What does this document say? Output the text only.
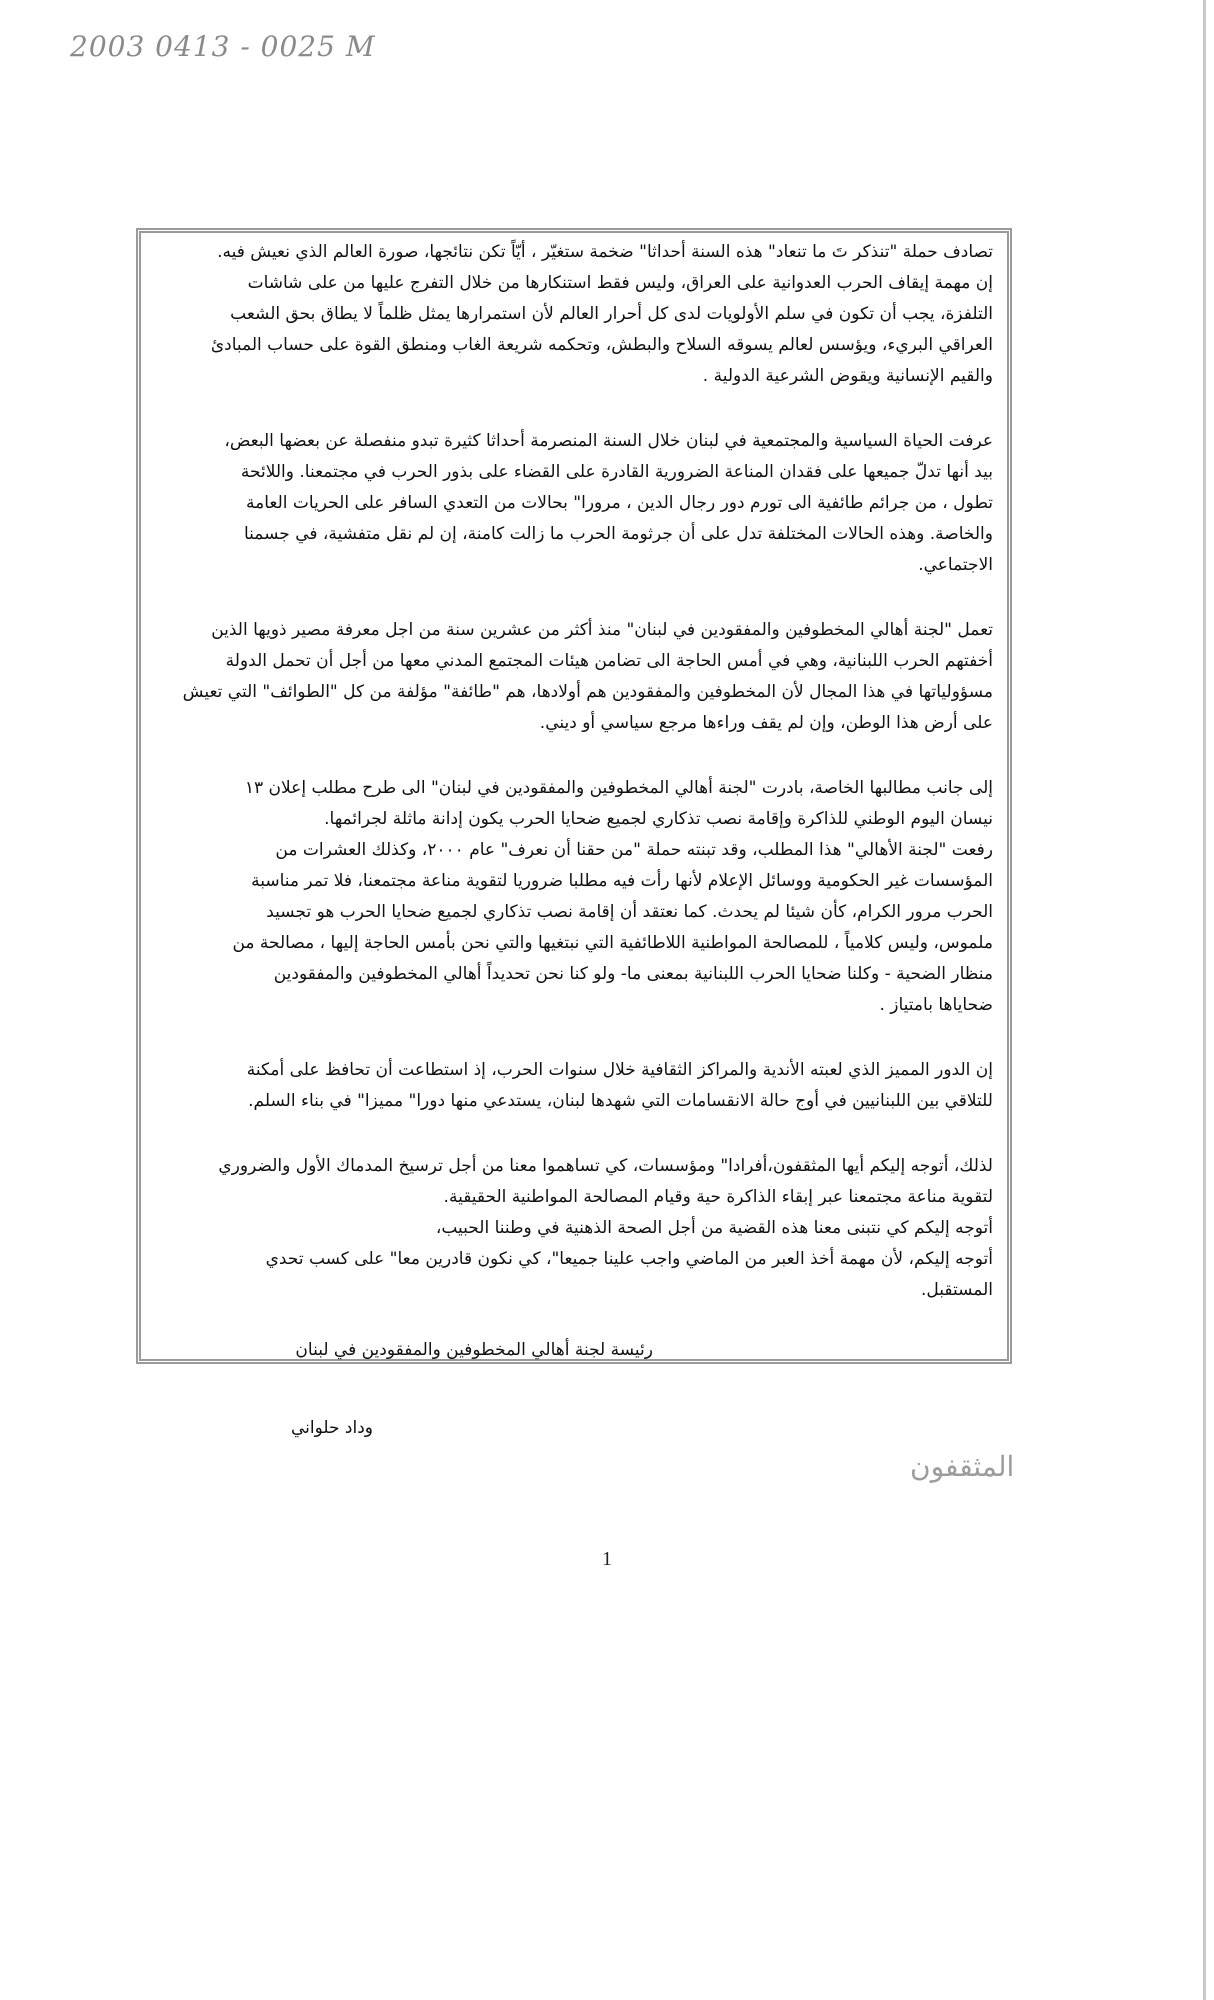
2003 0413 - 0025 M
تصادف حملة "تنذكر تَ ما تنعاد" هذه السنة أحداثا" ضخمة ستغيّر ، أيّاً تكن نتائجها، صورة العالم الذي نعيش فيه.
إن مهمة إيقاف الحرب العدوانية على العراق، وليس فقط استنكارها من خلال التفرج عليها من على شاشات
التلفزة، يجب أن تكون في سلم الأولويات لدى كل أحرار العالم لأن استمرارها يمثل ظلماً لا يطاق بحق الشعب
العراقي البريء، ويؤسس لعالم يسوقه السلاح والبطش، وتحكمه شريعة الغاب ومنطق القوة على حساب المبادئ
والقيم الإنسانية ويقوض الشرعية الدولية .
عرفت الحياة السياسية والمجتمعية في لبنان خلال السنة المنصرمة أحداثا كثيرة تبدو منفصلة عن بعضها البعض،
بيد أنها تدلّ جميعها على فقدان المناعة الضرورية القادرة على القضاء على بذور الحرب في مجتمعنا. واللائحة
تطول ، من جرائم طائفية الى تورم دور رجال الدين ، مرورا" بحالات من التعدي السافر على الحريات العامة
والخاصة. وهذه الحالات المختلفة تدل على أن جرثومة الحرب ما زالت كامنة، إن لم نقل متفشية، في جسمنا
الاجتماعي.
تعمل "لجنة أهالي المخطوفين والمفقودين في لبنان" منذ أكثر من عشرين سنة من اجل معرفة مصير ذويها الذين
أخفتهم الحرب اللبنانية، وهي في أمس الحاجة الى تضامن هيئات المجتمع المدني معها من أجل أن تحمل الدولة
مسؤولياتها في هذا المجال لأن المخطوفين والمفقودين هم أولادها، هم "طائفة" مؤلفة من كل "الطوائف" التي تعيش
على أرض هذا الوطن، وإن لم يقف وراءها مرجع سياسي أو ديني.
إلى جانب مطالبها الخاصة، بادرت "لجنة أهالي المخطوفين والمفقودين في لبنان" الى طرح مطلب إعلان ١٣
نيسان اليوم الوطني للذاكرة وإقامة نصب تذكاري لجميع ضحايا الحرب يكون إدانة ماثلة لجرائمها.
رفعت "لجنة الأهالي" هذا المطلب، وقد تبنته حملة "من حقنا أن نعرف" عام ٢٠٠٠، وكذلك العشرات من
المؤسسات غير الحكومية ووسائل الإعلام لأنها رأت فيه مطلبا ضروريا لتقوية مناعة مجتمعنا، فلا تمر مناسبة
الحرب مرور الكرام، كأن شيئا لم يحدث. كما نعتقد أن إقامة نصب تذكاري لجميع ضحايا الحرب هو تجسيد
ملموس، وليس كلامياً ، للمصالحة المواطنية اللاطائفية التي نبتغيها والتي نحن بأمس الحاجة إليها ، مصالحة من
منظار الضحية - وكلنا ضحايا الحرب اللبنانية بمعنى ما- ولو كنا نحن تحديداً أهالي المخطوفين والمفقودين
ضحاياها بامتياز .
إن الدور المميز الذي لعبته الأندية والمراكز الثقافية خلال سنوات الحرب، إذ استطاعت أن تحافظ على أمكنة
للتلاقي بين اللبنانيين في أوج حالة الانقسامات التي شهدها لبنان، يستدعي منها دورا" مميزا" في بناء السلم.
لذلك، أتوجه إليكم أيها المثقفون،أفرادا" ومؤسسات، كي تساهموا معنا من أجل ترسيخ المدماك الأول والضروري
لتقوية مناعة مجتمعنا عبر إبقاء الذاكرة حية وقيام المصالحة المواطنية الحقيقية.
أتوجه إليكم كي نتبنى معنا هذه القضية من أجل الصحة الذهنية في وطننا الحبيب،
أتوجه إليكم، لأن مهمة أخذ العبر من الماضي واجب علينا جميعا"، كي نكون قادرين معا" على كسب تحدي
المستقبل.
رئيسة لجنة أهالي المخطوفين والمفقودين في لبنان
وداد حلواني
المثقفون
1
